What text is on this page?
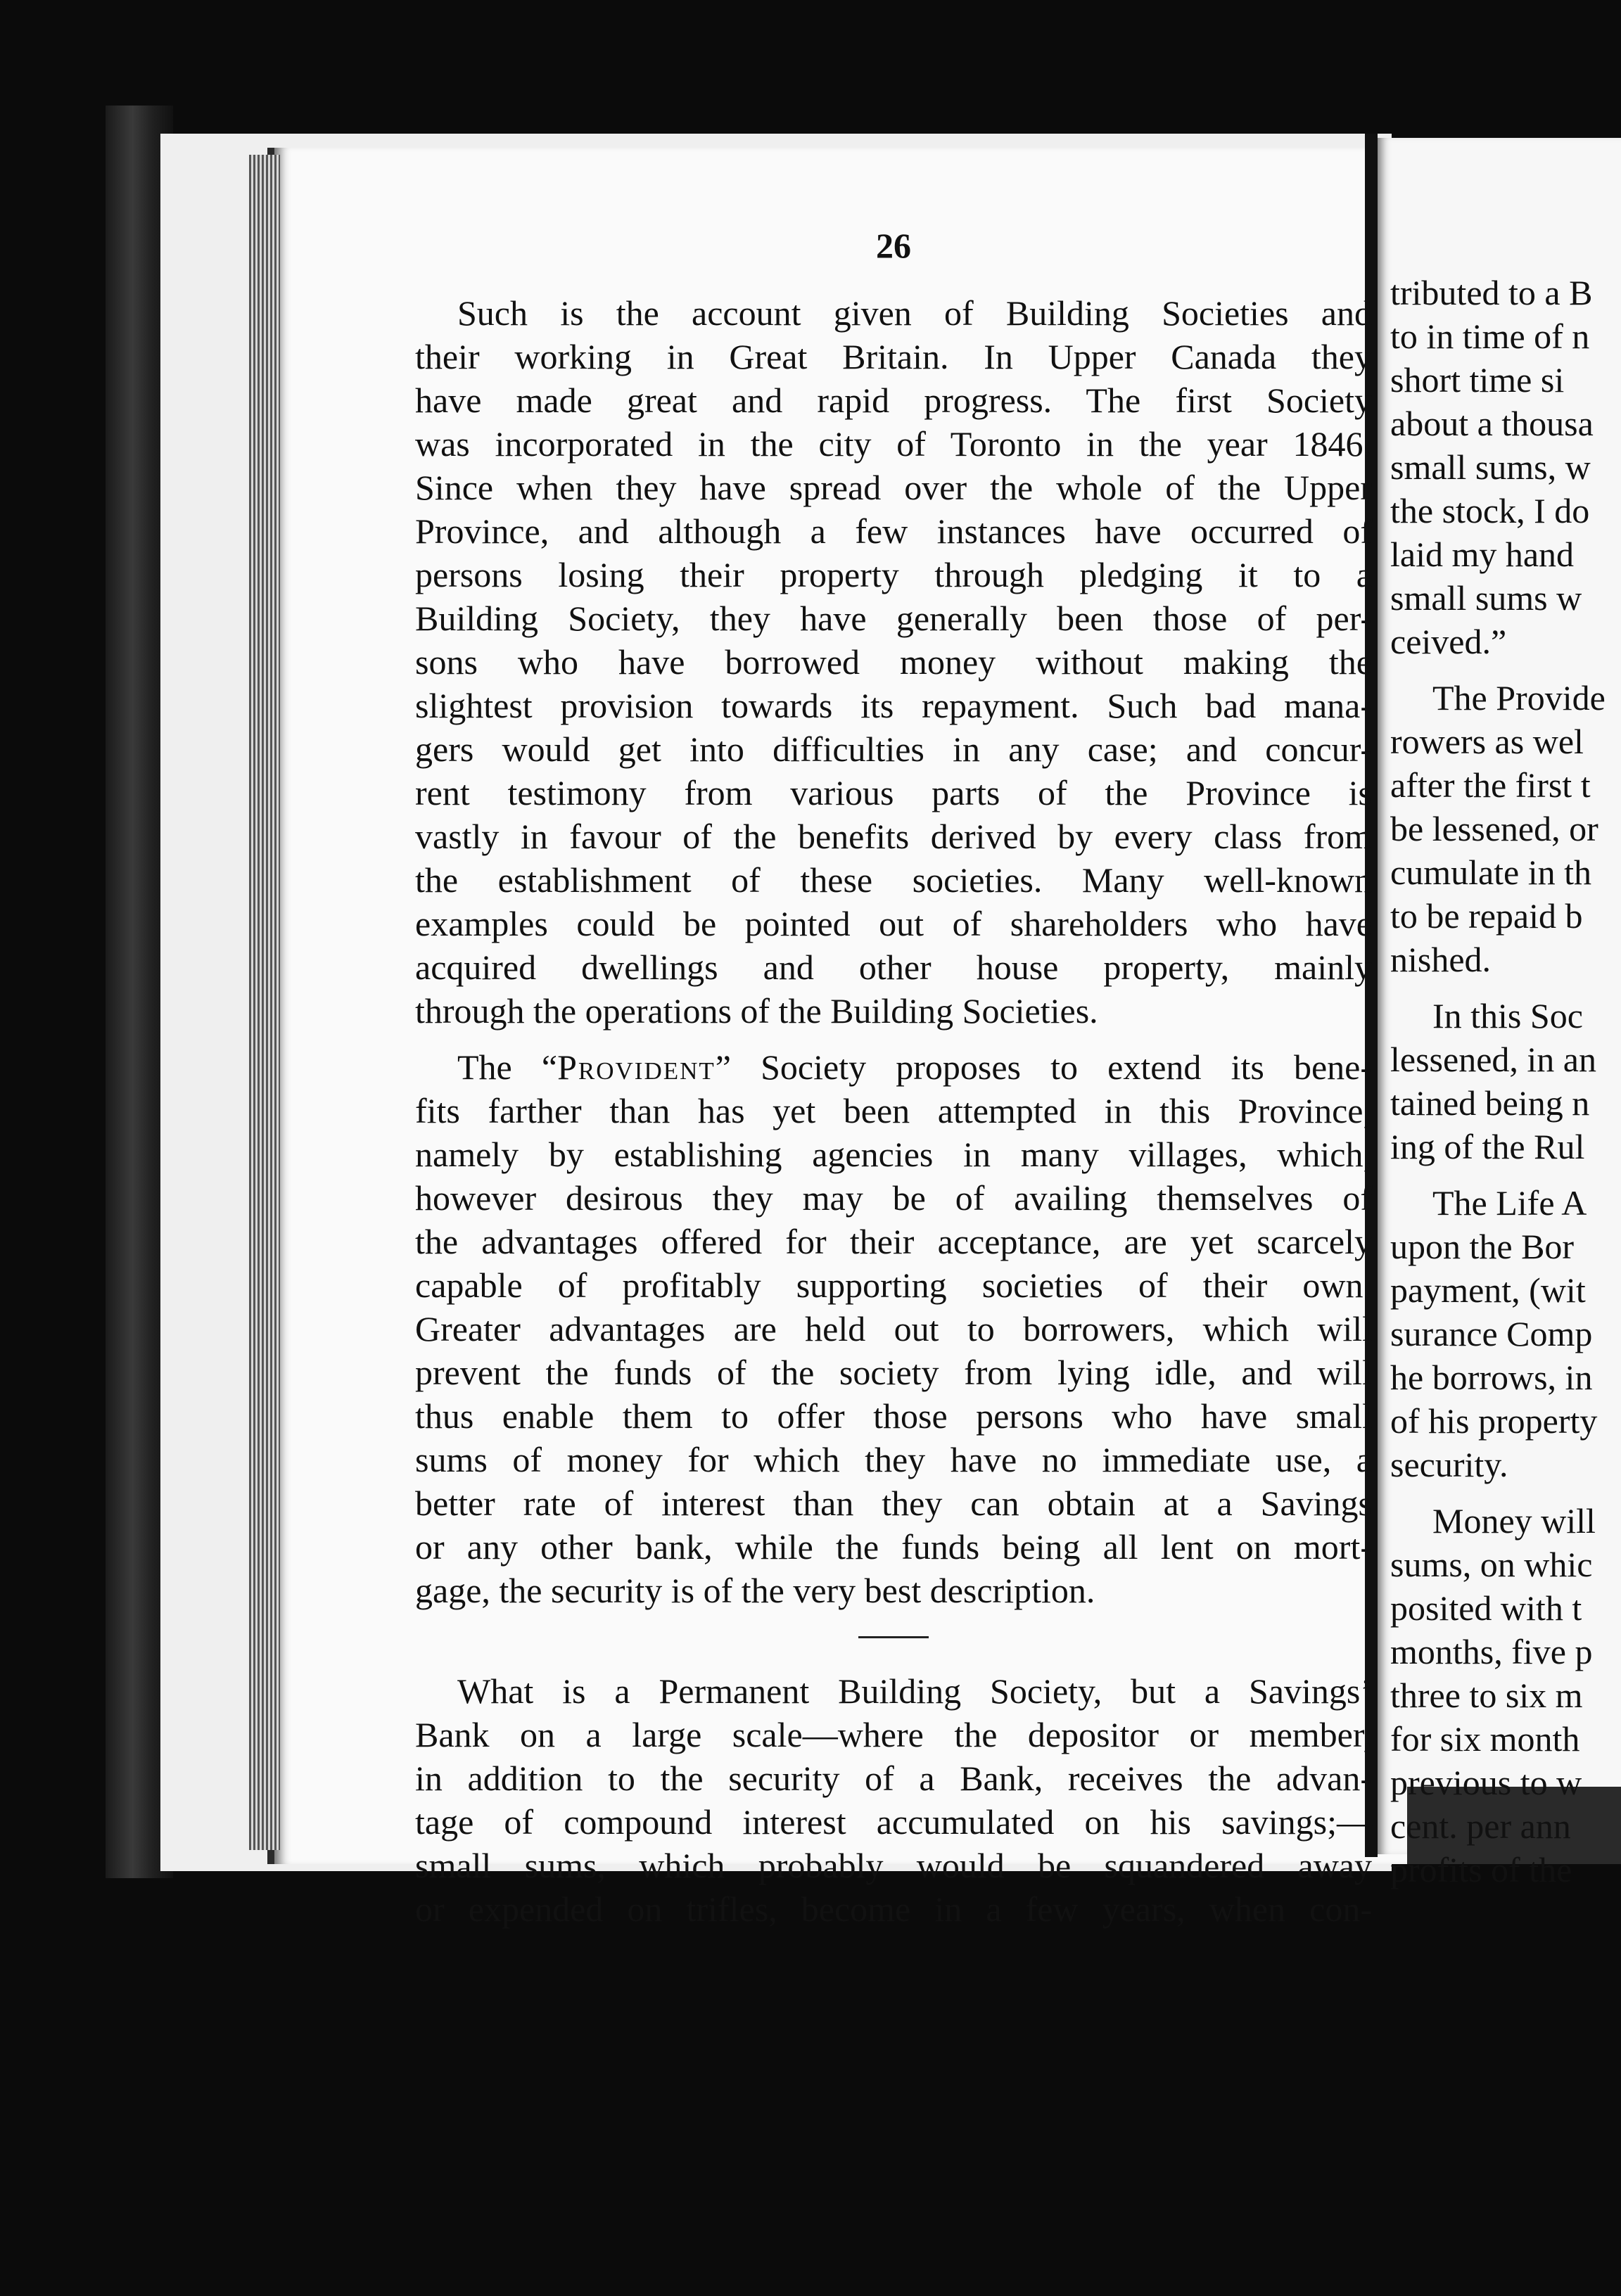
26
Such is the account given of Building Societies and
their working in Great Britain. In Upper Canada they
have made great and rapid progress. The first Society
was incorporated in the city of Toronto in the year 1846.
Since when they have spread over the whole of the Upper
Province, and although a few instances have occurred of
persons losing their property through pledging it to a
Building Society, they have generally been those of per-
sons who have borrowed money without making the
slightest provision towards its repayment. Such bad mana-
gers would get into difficulties in any case; and concur-
rent testimony from various parts of the Province is
vastly in favour of the benefits derived by every class from
the establishment of these societies. Many well-known
examples could be pointed out of shareholders who have
acquired dwellings and other house property, mainly
through the operations of the Building Societies.
The “Provident” Society proposes to extend its bene-
fits farther than has yet been attempted in this Province,
namely by establishing agencies in many villages, which,
however desirous they may be of availing themselves of
the advantages offered for their acceptance, are yet scarcely
capable of profitably supporting societies of their own.
Greater advantages are held out to borrowers, which will
prevent the funds of the society from lying idle, and will
thus enable them to offer those persons who have small
sums of money for which they have no immediate use, a
better rate of interest than they can obtain at a Savings
or any other bank, while the funds being all lent on mort-
gage, the security is of the very best description.
What is a Permanent Building Society, but a Savings’
Bank on a large scale—where the depositor or member,
in addition to the security of a Bank, receives the advan-
tage of compound interest accumulated on his savings;—
small sums, which probably would be squandered away
or expended on trifles, become in a few years, when con-
tributed to a B
to in time of n
short time si
about a thousa
small sums, w
the stock, I do
laid my hand
small sums w
ceived.”
The Provide
rowers as wel
after the first t
be lessened, or
cumulate in th
to be repaid b
nished.
In this Soc
lessened, in an
tained being n
ing of the Rul
The Life A
upon the Bor
payment, (wit
surance Comp
he borrows, in
of his property
security.
Money will
sums, on whic
posited with t
months, five p
three to six m
for six month
previous to w
cent. per ann
profits of the
